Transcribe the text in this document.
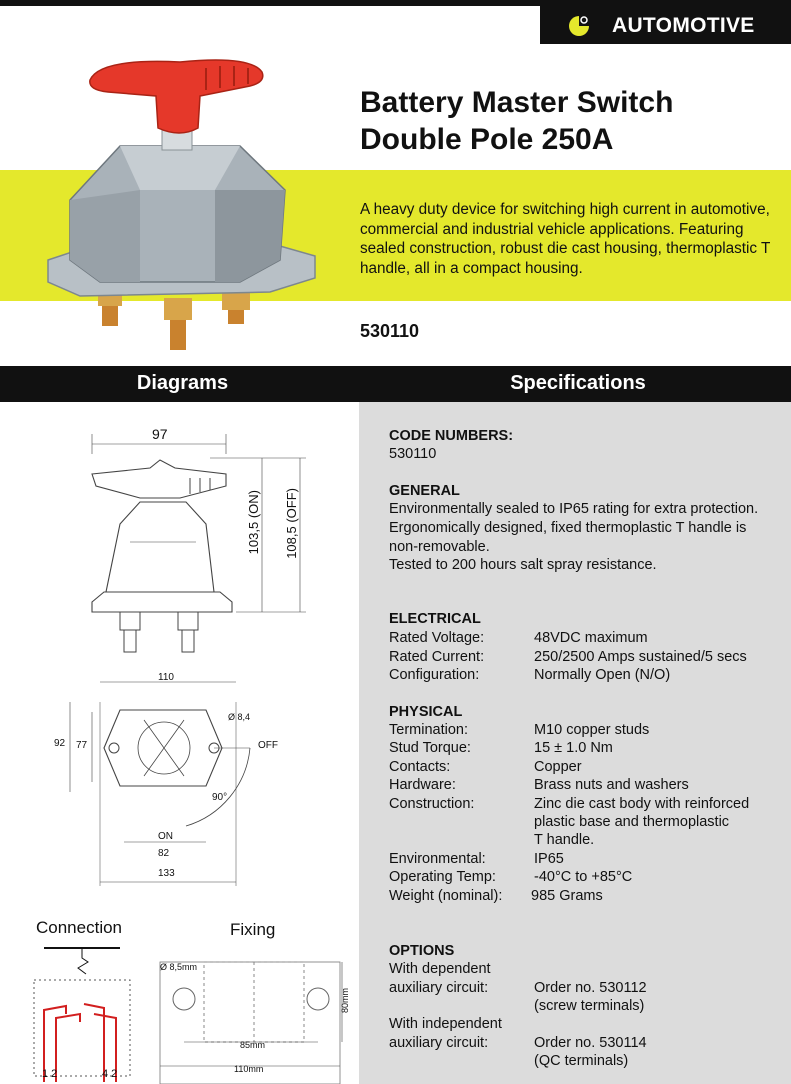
AUTOMOTIVE
Battery Master Switch
Double Pole 250A
A heavy duty device for switching high current in automotive, commercial and industrial vehicle applications. Featuring sealed construction, robust die cast housing, thermoplastic T handle, all in a compact housing.
530110
Diagrams	Specifications
97
103,5 (ON) 108,5 (OFF)
110
92 77
Ø 8,4
OFF
90°
ON
82
133
Connection
1 2	4 2
Fixing
Ø 8,5mm
80mm
85mm
110mm
CODE NUMBERS:
530110
GENERAL
Environmentally sealed to IP65 rating for extra protection.
Ergonomically designed, fixed thermoplastic T handle is
non-removable.
Tested to 200 hours salt spray resistance.
ELECTRICAL
Rated Voltage:	48VDC maximum
Rated Current:	250/2500 Amps sustained/5 secs
Configuration:	Normally Open (N/O)
PHYSICAL
Termination:	M10 copper studs
Stud Torque:	15 ± 1.0 Nm
Contacts:	Copper
Hardware:	Brass nuts and washers
Construction:	Zinc die cast body with reinforced
plastic base and thermoplastic
T handle.
Environmental:	IP65
Operating Temp:	-40°C to +85°C
Weight (nominal): 985 Grams
OPTIONS
With dependent
auxiliary circuit:	Order no. 530112
(screw terminals)
With independent
auxiliary circuit:	Order no. 530114
(QC terminals)
